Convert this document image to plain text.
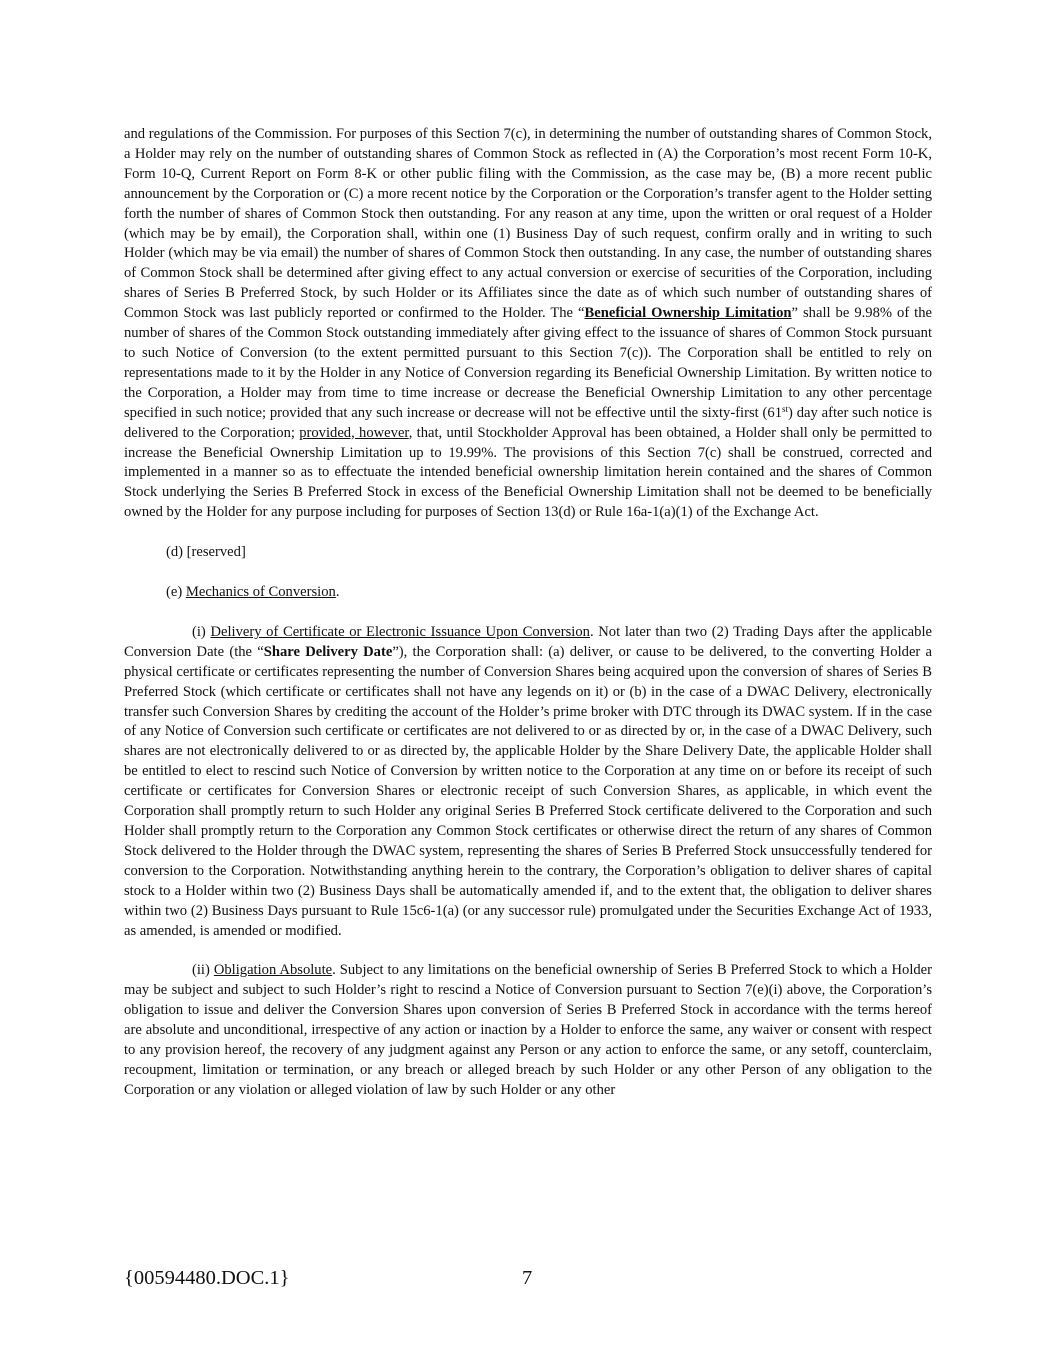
and regulations of the Commission. For purposes of this Section 7(c), in determining the number of outstanding shares of Common Stock, a Holder may rely on the number of outstanding shares of Common Stock as reflected in (A) the Corporation’s most recent Form 10-K, Form 10-Q, Current Report on Form 8-K or other public filing with the Commission, as the case may be, (B) a more recent public announcement by the Corporation or (C) a more recent notice by the Corporation or the Corporation’s transfer agent to the Holder setting forth the number of shares of Common Stock then outstanding. For any reason at any time, upon the written or oral request of a Holder (which may be by email), the Corporation shall, within one (1) Business Day of such request, confirm orally and in writing to such Holder (which may be via email) the number of shares of Common Stock then outstanding. In any case, the number of outstanding shares of Common Stock shall be determined after giving effect to any actual conversion or exercise of securities of the Corporation, including shares of Series B Preferred Stock, by such Holder or its Affiliates since the date as of which such number of outstanding shares of Common Stock was last publicly reported or confirmed to the Holder. The “Beneficial Ownership Limitation” shall be 9.98% of the number of shares of the Common Stock outstanding immediately after giving effect to the issuance of shares of Common Stock pursuant to such Notice of Conversion (to the extent permitted pursuant to this Section 7(c)). The Corporation shall be entitled to rely on representations made to it by the Holder in any Notice of Conversion regarding its Beneficial Ownership Limitation. By written notice to the Corporation, a Holder may from time to time increase or decrease the Beneficial Ownership Limitation to any other percentage specified in such notice; provided that any such increase or decrease will not be effective until the sixty-first (61st) day after such notice is delivered to the Corporation; provided, however, that, until Stockholder Approval has been obtained, a Holder shall only be permitted to increase the Beneficial Ownership Limitation up to 19.99%. The provisions of this Section 7(c) shall be construed, corrected and implemented in a manner so as to effectuate the intended beneficial ownership limitation herein contained and the shares of Common Stock underlying the Series B Preferred Stock in excess of the Beneficial Ownership Limitation shall not be deemed to be beneficially owned by the Holder for any purpose including for purposes of Section 13(d) or Rule 16a-1(a)(1) of the Exchange Act.

(d) [reserved]

(e) Mechanics of Conversion.

(i) Delivery of Certificate or Electronic Issuance Upon Conversion. Not later than two (2) Trading Days after the applicable Conversion Date (the “Share Delivery Date”), the Corporation shall: (a) deliver, or cause to be delivered, to the converting Holder a physical certificate or certificates representing the number of Conversion Shares being acquired upon the conversion of shares of Series B Preferred Stock (which certificate or certificates shall not have any legends on it) or (b) in the case of a DWAC Delivery, electronically transfer such Conversion Shares by crediting the account of the Holder’s prime broker with DTC through its DWAC system. If in the case of any Notice of Conversion such certificate or certificates are not delivered to or as directed by or, in the case of a DWAC Delivery, such shares are not electronically delivered to or as directed by, the applicable Holder by the Share Delivery Date, the applicable Holder shall be entitled to elect to rescind such Notice of Conversion by written notice to the Corporation at any time on or before its receipt of such certificate or certificates for Conversion Shares or electronic receipt of such Conversion Shares, as applicable, in which event the Corporation shall promptly return to such Holder any original Series B Preferred Stock certificate delivered to the Corporation and such Holder shall promptly return to the Corporation any Common Stock certificates or otherwise direct the return of any shares of Common Stock delivered to the Holder through the DWAC system, representing the shares of Series B Preferred Stock unsuccessfully tendered for conversion to the Corporation. Notwithstanding anything herein to the contrary, the Corporation’s obligation to deliver shares of capital stock to a Holder within two (2) Business Days shall be automatically amended if, and to the extent that, the obligation to deliver shares within two (2) Business Days pursuant to Rule 15c6-1(a) (or any successor rule) promulgated under the Securities Exchange Act of 1933, as amended, is amended or modified.

(ii) Obligation Absolute. Subject to any limitations on the beneficial ownership of Series B Preferred Stock to which a Holder may be subject and subject to such Holder’s right to rescind a Notice of Conversion pursuant to Section 7(e)(i) above, the Corporation’s obligation to issue and deliver the Conversion Shares upon conversion of Series B Preferred Stock in accordance with the terms hereof are absolute and unconditional, irrespective of any action or inaction by a Holder to enforce the same, any waiver or consent with respect to any provision hereof, the recovery of any judgment against any Person or any action to enforce the same, or any setoff, counterclaim, recoupment, limitation or termination, or any breach or alleged breach by such Holder or any other Person of any obligation to the Corporation or any violation or alleged violation of law by such Holder or any other

{00594480.DOC.1}	7
